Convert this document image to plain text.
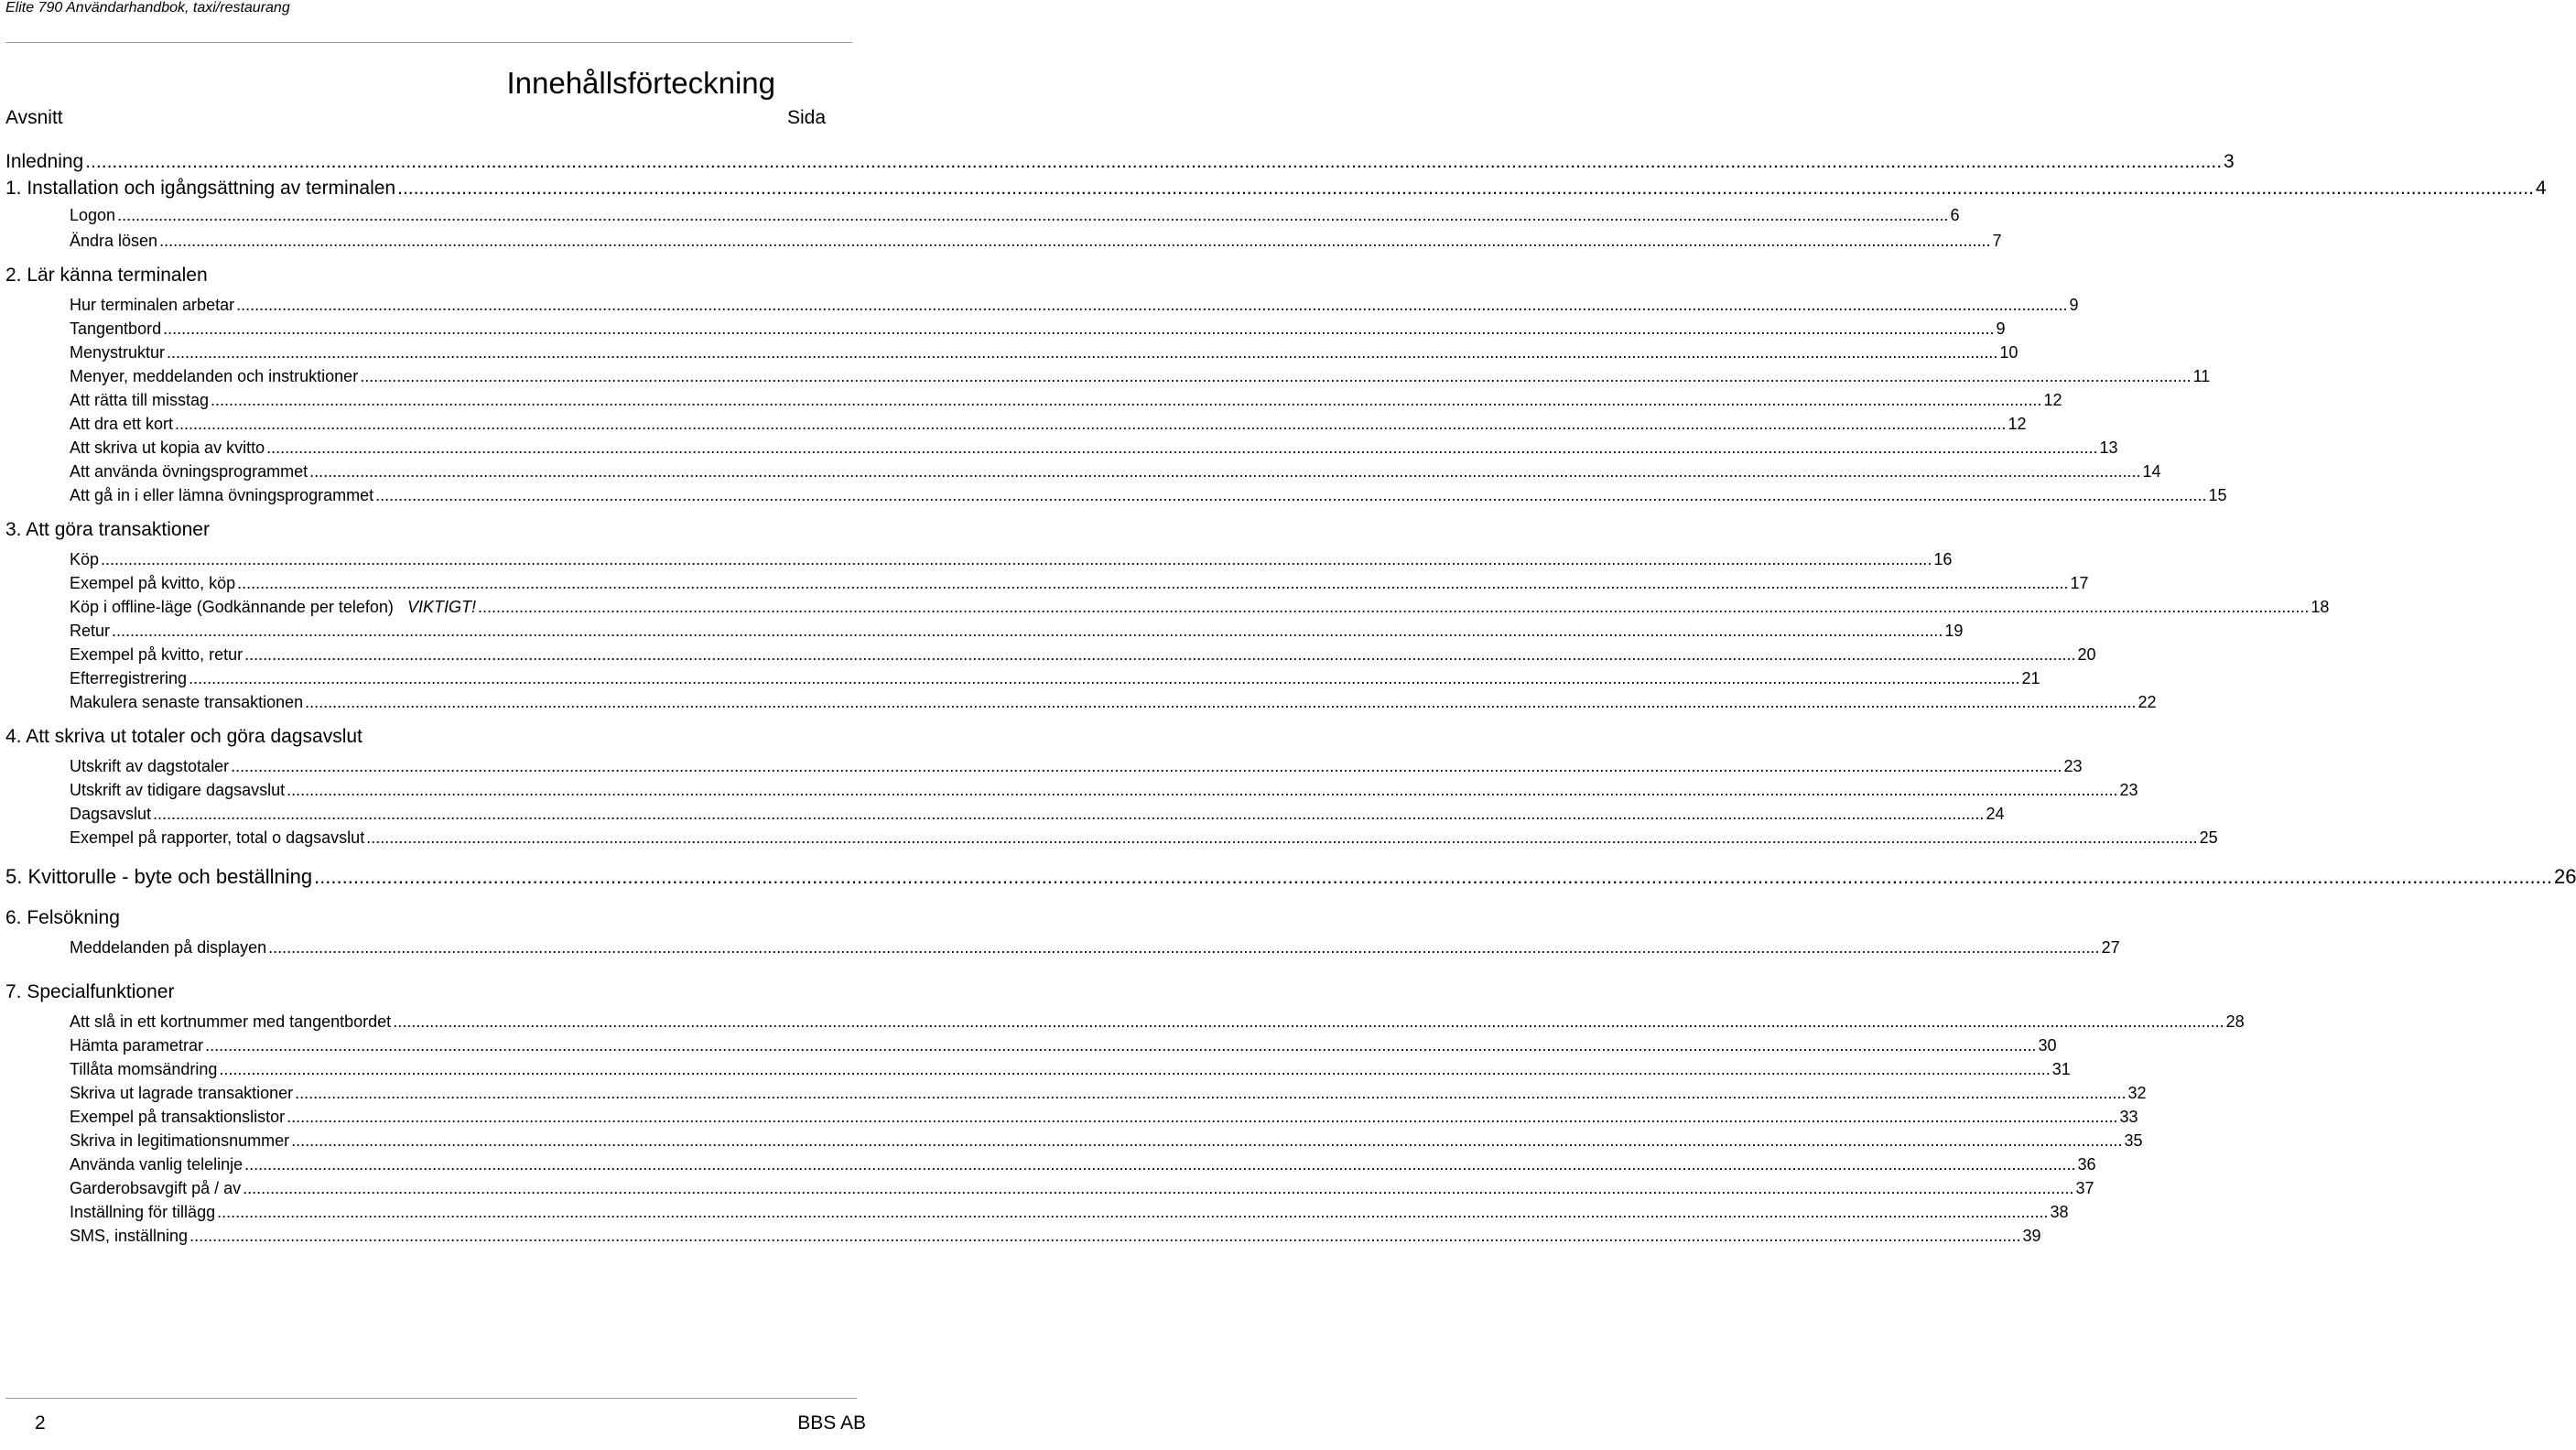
Elite 790 Användarhandbok, taxi/restaurang
Innehållsförteckning
Avsnitt	Sida
Inledning ................................................................................................................................................................................................................................................................................................................................................................................................................ 3
1. Installation och igångsättning av terminalen ................................................................................................................................................................................................................................................................................................................................................................................................................ 4
Logon ................................................................................................................................................................................................................................................................................................................................................................................................................ 6
Ändra lösen ................................................................................................................................................................................................................................................................................................................................................................................................................ 7
2. Lär känna terminalen
Hur terminalen arbetar ................................................................................................................................................................................................................................................................................................................................................................................................................ 9
Tangentbord ................................................................................................................................................................................................................................................................................................................................................................................................................ 9
Menystruktur ................................................................................................................................................................................................................................................................................................................................................................................................................ 10
Menyer, meddelanden och instruktioner ................................................................................................................................................................................................................................................................................................................................................................................................................ 11
Att rätta till misstag ................................................................................................................................................................................................................................................................................................................................................................................................................ 12
Att dra ett kort ................................................................................................................................................................................................................................................................................................................................................................................................................ 12
Att skriva ut kopia av kvitto ................................................................................................................................................................................................................................................................................................................................................................................................................ 13
Att använda övningsprogrammet ................................................................................................................................................................................................................................................................................................................................................................................................................ 14
Att gå in i eller lämna övningsprogrammet ................................................................................................................................................................................................................................................................................................................................................................................................................ 15
3. Att göra transaktioner
Köp ................................................................................................................................................................................................................................................................................................................................................................................................................ 16
Exempel på kvitto, köp ................................................................................................................................................................................................................................................................................................................................................................................................................ 17
Köp i offline-läge (Godkännande per telefon) VIKTIGT! ................................................................................................................................................................................................................................................................................................................................................................................................................ 18
Retur ................................................................................................................................................................................................................................................................................................................................................................................................................ 19
Exempel på kvitto, retur ................................................................................................................................................................................................................................................................................................................................................................................................................ 20
Efterregistrering ................................................................................................................................................................................................................................................................................................................................................................................................................ 21
Makulera senaste transaktionen ................................................................................................................................................................................................................................................................................................................................................................................................................ 22
4. Att skriva ut totaler och göra dagsavslut
Utskrift av dagstotaler ................................................................................................................................................................................................................................................................................................................................................................................................................ 23
Utskrift av tidigare dagsavslut ................................................................................................................................................................................................................................................................................................................................................................................................................ 23
Dagsavslut ................................................................................................................................................................................................................................................................................................................................................................................................................ 24
Exempel på rapporter, total o dagsavslut ................................................................................................................................................................................................................................................................................................................................................................................................................ 25
5. Kvittorulle - byte och beställning ................................................................................................................................................................................................................................................................................................................................................................................................................ 26
6. Felsökning
Meddelanden på displayen ................................................................................................................................................................................................................................................................................................................................................................................................................ 27
7. Specialfunktioner
Att slå in ett kortnummer med tangentbordet ................................................................................................................................................................................................................................................................................................................................................................................................................ 28
Hämta parametrar ................................................................................................................................................................................................................................................................................................................................................................................................................ 30
Tillåta momsändring ................................................................................................................................................................................................................................................................................................................................................................................................................ 31
Skriva ut lagrade transaktioner ................................................................................................................................................................................................................................................................................................................................................................................................................ 32
Exempel på transaktionslistor ................................................................................................................................................................................................................................................................................................................................................................................................................ 33
Skriva in legitimationsnummer ................................................................................................................................................................................................................................................................................................................................................................................................................ 35
Använda vanlig telelinje ................................................................................................................................................................................................................................................................................................................................................................................................................ 36
Garderobsavgift på / av ................................................................................................................................................................................................................................................................................................................................................................................................................ 37
Inställning för tillägg ................................................................................................................................................................................................................................................................................................................................................................................................................ 38
SMS, inställning ................................................................................................................................................................................................................................................................................................................................................................................................................ 39
2	BBS AB
